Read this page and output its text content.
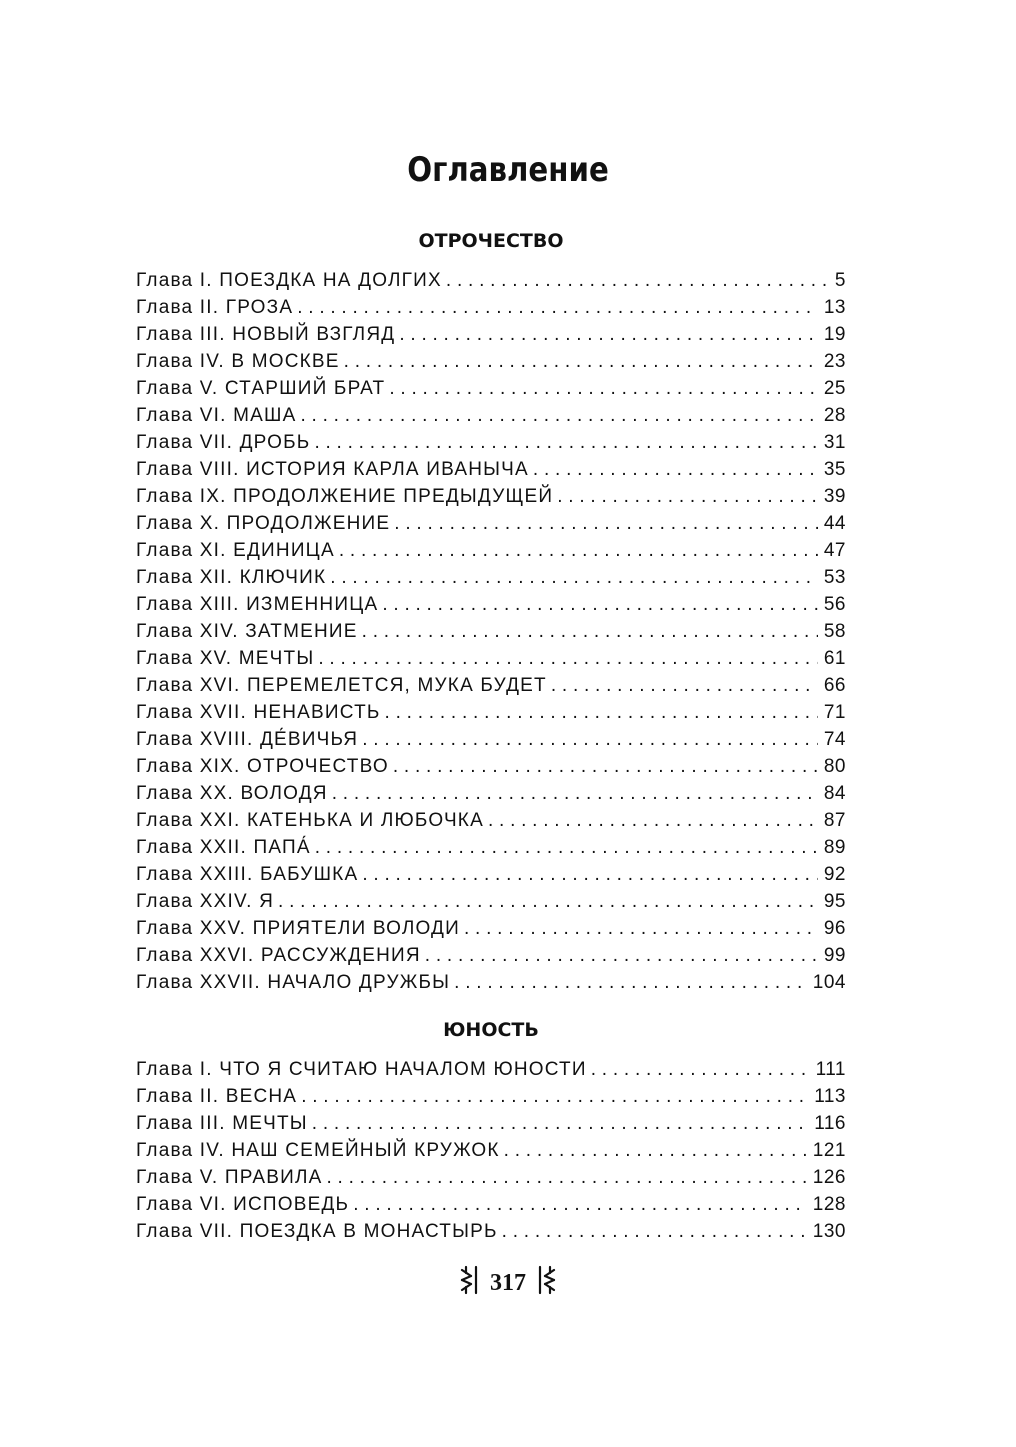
Оглавление
ОТРОЧЕСТВО
Глава I. ПОЕЗДКА НА ДОЛГИХ . . .	5
Глава II. ГРОЗА . . .	13
Глава III. НОВЫЙ ВЗГЛЯД . . .	19
Глава IV. В МОСКВЕ . . .	23
Глава V. СТАРШИЙ БРАТ . . .	25
Глава VI. МАША . . .	28
Глава VII. ДРОБЬ . . .	31
Глава VIII. ИСТОРИЯ КАРЛА ИВАНЫЧА . . .	35
Глава IX. ПРОДОЛЖЕНИЕ ПРЕДЫДУЩЕЙ . . .	39
Глава X. ПРОДОЛЖЕНИЕ . . .	44
Глава XI. ЕДИНИЦА . . .	47
Глава XII. КЛЮЧИК . . .	53
Глава XIII. ИЗМЕННИЦА . . .	56
Глава XIV. ЗАТМЕНИЕ . . .	58
Глава XV. МЕЧТЫ . . .	61
Глава XVI. ПЕРЕМЕЛЕТСЯ, МУКА БУДЕТ . . .	66
Глава XVII. НЕНАВИСТЬ . . .	71
Глава XVIII. ДЕ́ВИЧЬЯ . . .	74
Глава XIX. ОТРОЧЕСТВО . . .	80
Глава XX. ВОЛОДЯ . . .	84
Глава XXI. КАТЕНЬКА И ЛЮБОЧКА . . .	87
Глава XXII. ПАПА́ . . .	89
Глава XXIII. БАБУШКА . . .	92
Глава XXIV. Я . . .	95
Глава XXV. ПРИЯТЕЛИ ВОЛОДИ . . .	96
Глава XXVI. РАССУЖДЕНИЯ . . .	99
Глава XXVII. НАЧАЛО ДРУЖБЫ . . .	104
ЮНОСТЬ
Глава I. ЧТО Я СЧИТАЮ НАЧАЛОМ ЮНОСТИ . . .	111
Глава II. ВЕСНА . . .	113
Глава III. МЕЧТЫ . . .	116
Глава IV. НАШ СЕМЕЙНЫЙ КРУЖОК . . .	121
Глава V. ПРАВИЛА . . .	126
Глава VI. ИСПОВЕДЬ . . .	128
Глава VII. ПОЕЗДКА В МОНАСТЫРЬ . . .	130
317
